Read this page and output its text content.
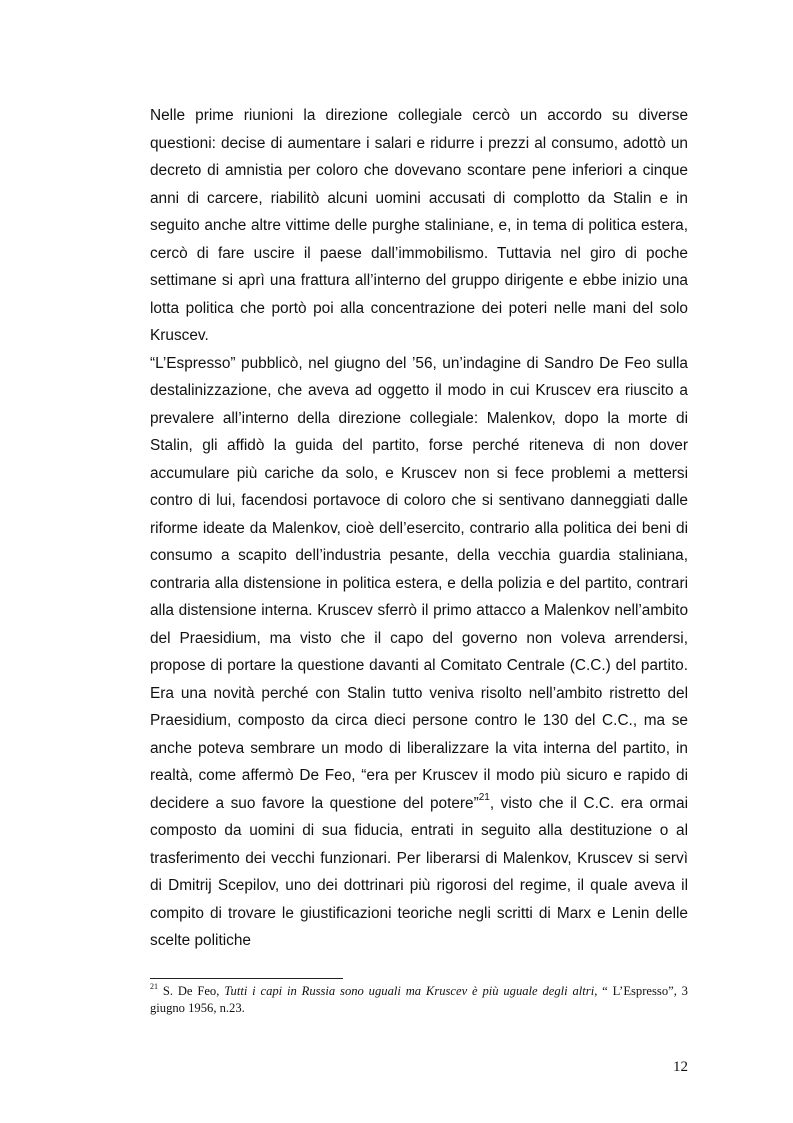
Nelle prime riunioni la direzione collegiale cercò un accordo su diverse questioni: decise di aumentare i salari e ridurre i prezzi al consumo, adottò un decreto di amnistia per coloro che dovevano scontare pene inferiori a cinque anni di carcere, riabilitò alcuni uomini accusati di complotto da Stalin e in seguito anche altre vittime delle purghe staliniane, e, in tema di politica estera, cercò di fare uscire il paese dall’immobilismo. Tuttavia nel giro di poche settimane si aprì una frattura all’interno del gruppo dirigente e ebbe inizio una lotta politica che portò poi alla concentrazione dei poteri nelle mani del solo Kruscev.

“L’Espresso” pubblicò, nel giugno del ’56, un’indagine di Sandro De Feo sulla destalinizzazione, che aveva ad oggetto il modo in cui Kruscev era riuscito a prevalere all’interno della direzione collegiale: Malenkov, dopo la morte di Stalin, gli affidò la guida del partito, forse perché riteneva di non dover accumulare più cariche da solo, e Kruscev non si fece problemi a mettersi contro di lui, facendosi portavoce di coloro che si sentivano danneggiati dalle riforme ideate da Malenkov, cioè dell’esercito, contrario alla politica dei beni di consumo a scapito dell’industria pesante, della vecchia guardia staliniana, contraria alla distensione in politica estera, e della polizia e del partito, contrari alla distensione interna. Kruscev sferrò il primo attacco a Malenkov nell’ambito del Praesidium, ma visto che il capo del governo non voleva arrendersi, propose di portare la questione davanti al Comitato Centrale (C.C.) del partito. Era una novità perché con Stalin tutto veniva risolto nell’ambito ristretto del Praesidium, composto da circa dieci persone contro le 130 del C.C., ma se anche poteva sembrare un modo di liberalizzare la vita interna del partito, in realtà, come affermò De Feo, “era per Kruscev il modo più sicuro e rapido di decidere a suo favore la questione del potere”$^{21}$, visto che il C.C. era ormai composto da uomini di sua fiducia, entrati in seguito alla destituzione o al trasferimento dei vecchi funzionari. Per liberarsi di Malenkov, Kruscev si servì di Dmitrij Scepilov, uno dei dottrinari più rigorosi del regime, il quale aveva il compito di trovare le giustificazioni teoriche negli scritti di Marx e Lenin delle scelte politiche

$^{21}$ S. De Feo, Tutti i capi in Russia sono uguali ma Kruscev è più uguale degli altri, “ L’Espresso”, 3 giugno 1956, n.23.
12
